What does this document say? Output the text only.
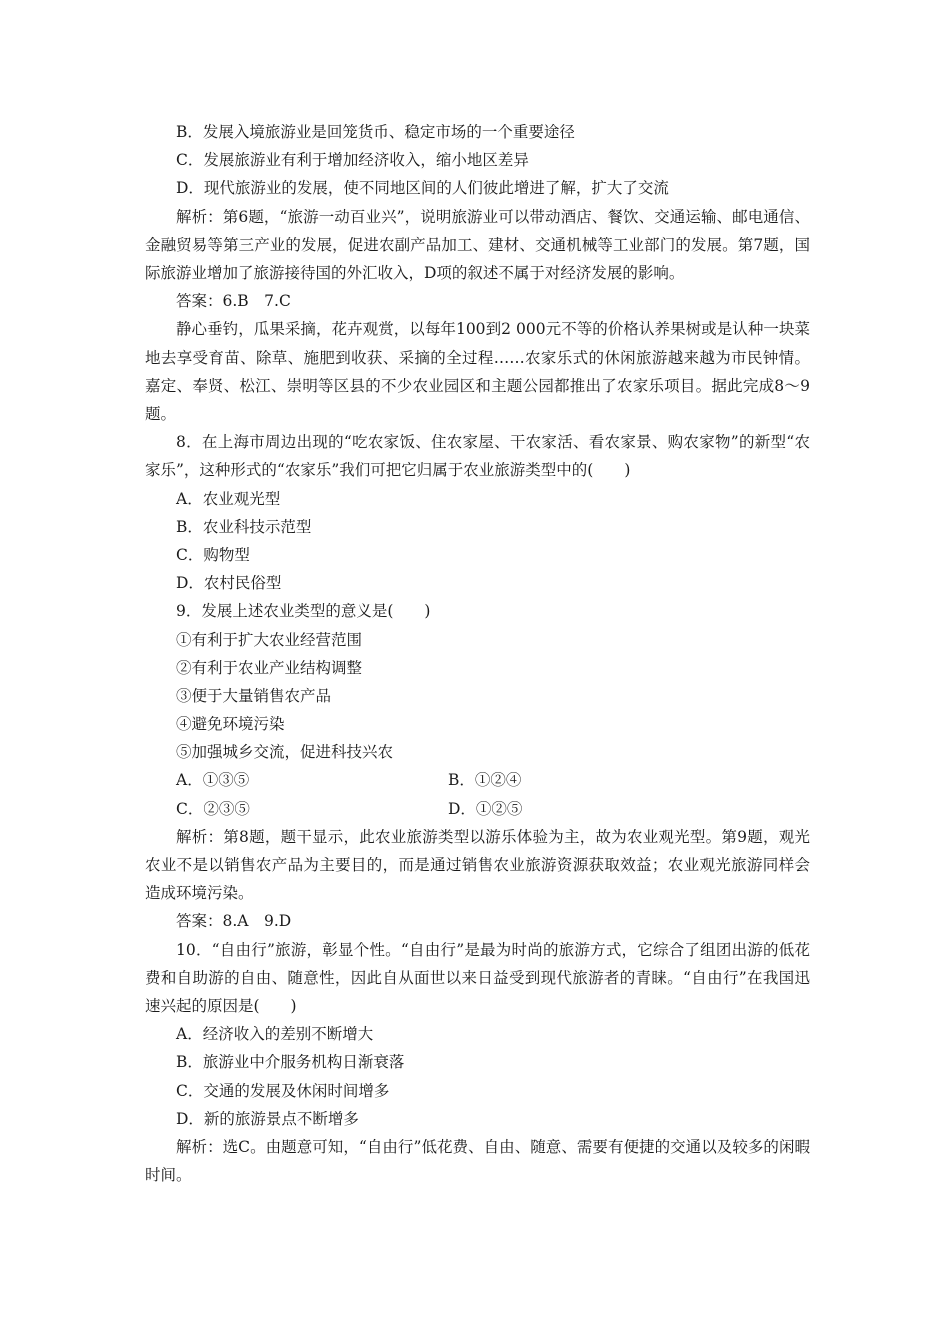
B．发展入境旅游业是回笼货币、稳定市场的一个重要途径
C．发展旅游业有利于增加经济收入，缩小地区差异
D．现代旅游业的发展，使不同地区间的人们彼此增进了解，扩大了交流
解析：第6题，“旅游一动百业兴”，说明旅游业可以带动酒店、餐饮、交通运输、邮电通信、金融贸易等第三产业的发展，促进农副产品加工、建材、交通机械等工业部门的发展。第7题，国际旅游业增加了旅游接待国的外汇收入，D项的叙述不属于对经济发展的影响。
答案：6.B　7.C
静心垂钓，瓜果采摘，花卉观赏，以每年100到2 000元不等的价格认养果树或是认种一块菜地去享受育苗、除草、施肥到收获、采摘的全过程……农家乐式的休闲旅游越来越为市民钟情。嘉定、奉贤、松江、崇明等区县的不少农业园区和主题公园都推出了农家乐项目。据此完成8～9题。
8．在上海市周边出现的“吃农家饭、住农家屋、干农家活、看农家景、购农家物”的新型“农家乐”，这种形式的“农家乐”我们可把它归属于农业旅游类型中的(　　)
A．农业观光型
B．农业科技示范型
C．购物型
D．农村民俗型
9．发展上述农业类型的意义是(　　)
①有利于扩大农业经营范围
②有利于农业产业结构调整
③便于大量销售农产品
④避免环境污染
⑤加强城乡交流，促进科技兴农
A．①③⑤	B．①②④
C．②③⑤	D．①②⑤
解析：第8题，题干显示，此农业旅游类型以游乐体验为主，故为农业观光型。第9题，观光农业不是以销售农产品为主要目的，而是通过销售农业旅游资源获取效益；农业观光旅游同样会造成环境污染。
答案：8.A　9.D
10．“自由行”旅游，彰显个性。“自由行”是最为时尚的旅游方式，它综合了组团出游的低花费和自助游的自由、随意性，因此自从面世以来日益受到现代旅游者的青睐。“自由行”在我国迅速兴起的原因是(　　)
A．经济收入的差别不断增大
B．旅游业中介服务机构日渐衰落
C．交通的发展及休闲时间增多
D．新的旅游景点不断增多
解析：选C。由题意可知，“自由行”低花费、自由、随意、需要有便捷的交通以及较多的闲暇时间。
